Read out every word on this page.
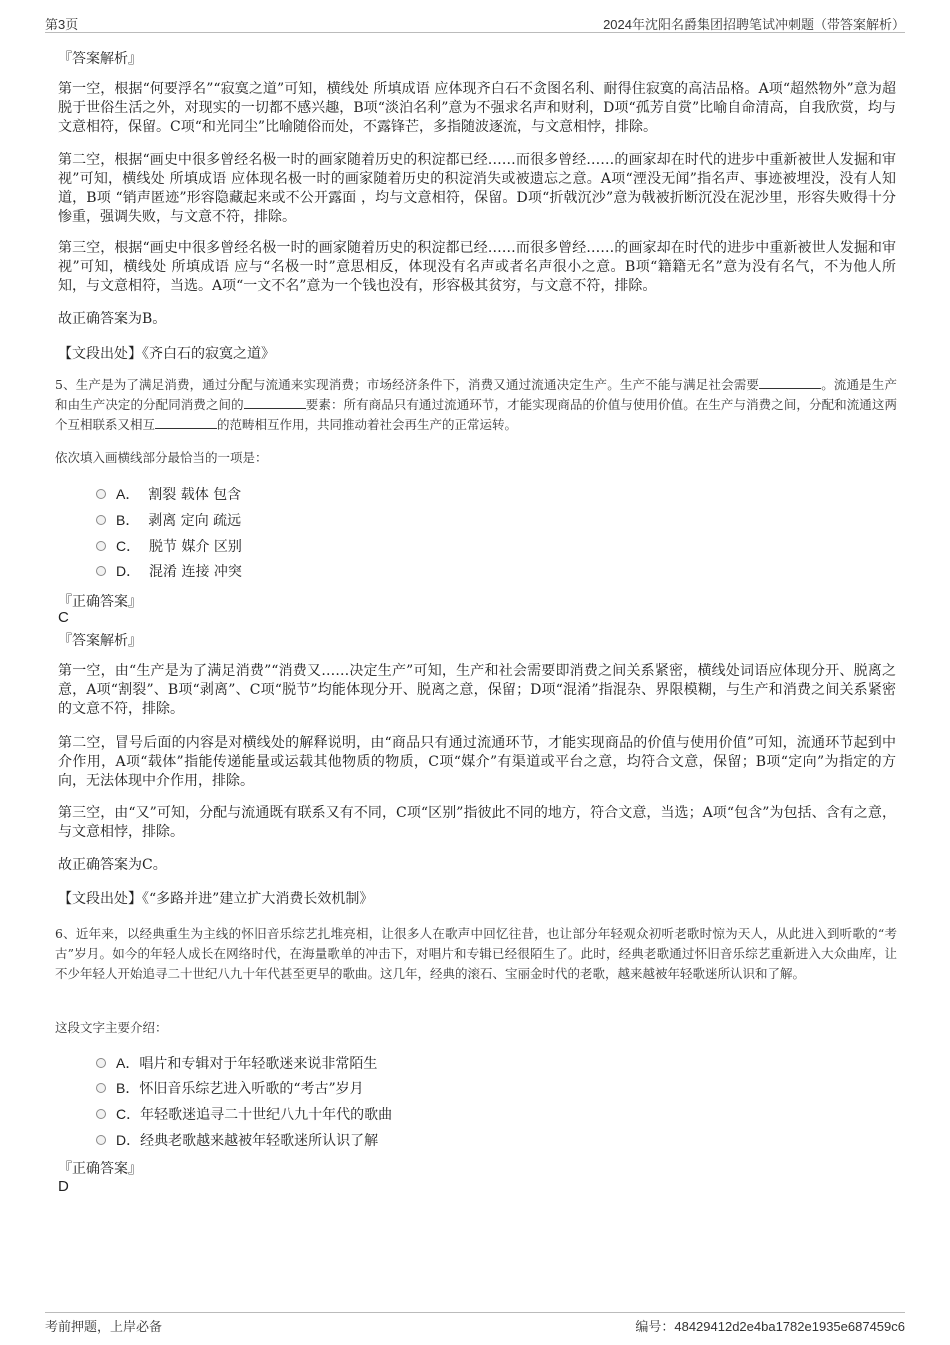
第3页	2024年沈阳名爵集团招聘笔试冲刺题（带答案解析）
『答案解析』
第一空，根据“何要浮名”“寂寞之道”可知，横线处 所填成语 应体现齐白石不贪图名利、耐得住寂寞的高洁品格。A项“超然物外”意为超脱于世俗生活之外，对现实的一切都不感兴趣，B项“淡泊名利”意为不强求名声和财利，D项“孤芳自赏”比喻自命清高，自我欣赏，均与文意相符，保留。C项“和光同尘”比喻随俗而处，不露锋芒，多指随波逐流，与文意相悖，排除。
第二空，根据“画史中很多曾经名极一时的画家随着历史的积淀都已经……而很多曾经……的画家却在时代的进步中重新被世人发掘和审视”可知，横线处 所填成语 应体现名极一时的画家随着历史的积淀消失或被遗忘之意。A项“湮没无闻”指名声、事迹被埋没，没有人知道，B项 “销声匿迹”形容隐藏起来或不公开露面 ，均与文意相符，保留。D项“折戟沉沙”意为戟被折断沉没在泥沙里，形容失败得十分惨重，强调失败，与文意不符，排除。
第三空，根据“画史中很多曾经名极一时的画家随着历史的积淀都已经……而很多曾经……的画家却在时代的进步中重新被世人发掘和审视”可知，横线处 所填成语 应与“名极一时”意思相反，体现没有名声或者名声很小之意。B项“籍籍无名”意为没有名气，不为他人所知，与文意相符，当选。A项“一文不名”意为一个钱也没有，形容极其贫穷，与文意不符，排除。
故正确答案为B。
【文段出处】《齐白石的寂寞之道》
5、生产是为了满足消费，通过分配与流通来实现消费；市场经济条件下，消费又通过流通决定生产。生产不能与满足社会需要	。流通是生产和由生产决定的分配同消费之间的	要素：所有商品只有通过流通环节，才能实现商品的价值与使用价值。在生产与消费之间，分配和流通这两个互相联系又相互	的范畴相互作用，共同推动着社会再生产的正常运转。
依次填入画横线部分最恰当的一项是：
A． 割裂 载体 包含
B． 剥离 定向 疏远
C． 脱节 媒介 区别
D． 混淆 连接 冲突
『正确答案』
C
『答案解析』
第一空，由“生产是为了满足消费”“消费又……决定生产”可知，生产和社会需要即消费之间关系紧密，横线处词语应体现分开、脱离之意，A项“割裂”、B项“剥离”、C项“脱节”均能体现分开、脱离之意，保留；D项“混淆”指混杂、界限模糊，与生产和消费之间关系紧密的文意不符，排除。
第二空，冒号后面的内容是对横线处的解释说明，由“商品只有通过流通环节，才能实现商品的价值与使用价值”可知，流通环节起到中介作用，A项“载体”指能传递能量或运载其他物质的物质，C项“媒介”有渠道或平台之意，均符合文意，保留；B项“定向”为指定的方向，无法体现中介作用，排除。
第三空，由“又”可知，分配与流通既有联系又有不同，C项“区别”指彼此不同的地方，符合文意，当选；A项“包含”为包括、含有之意，与文意相悖，排除。
故正确答案为C。
【文段出处】《“多路并进”建立扩大消费长效机制》
6、近年来，以经典重生为主线的怀旧音乐综艺扎堆亮相，让很多人在歌声中回忆往昔，也让部分年轻观众初听老歌时惊为天人，从此进入到听歌的“考古”岁月。如今的年轻人成长在网络时代，在海量歌单的冲击下，对唱片和专辑已经很陌生了。此时，经典老歌通过怀旧音乐综艺重新进入大众曲库，让不少年轻人开始追寻二十世纪八九十年代甚至更早的歌曲。这几年，经典的滚石、宝丽金时代的老歌，越来越被年轻歌迷所认识和了解。
这段文字主要介绍：
A．唱片和专辑对于年轻歌迷来说非常陌生
B．怀旧音乐综艺进入听歌的“考古”岁月
C．年轻歌迷追寻二十世纪八九十年代的歌曲
D．经典老歌越来越被年轻歌迷所认识了解
『正确答案』
D
考前押题，上岸必备	编号：48429412d2e4ba1782e1935e687459c6
